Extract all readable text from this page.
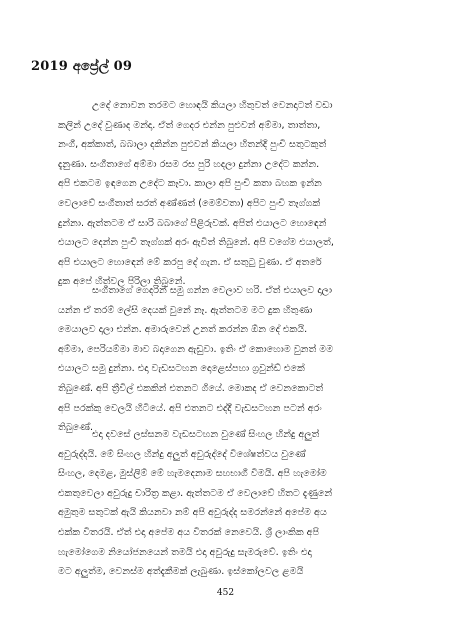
2019 අප්‍රේල් 09
උදේ නොවන තරමට හොඳයි කියලා හිතුවත් වෙනදාටත් වඩා
කලින් උදේ වුණාද මන්දා. ඒත් ගෙදර එන්න පුළුවන් අම්මා, තාත්තා,
නංගී, අක්කාත්, බබාලා දකින්න පුළුවන් කියලා හිතන්දි පුංචි සතුටකුත්
දැනුණා. සංගීතාගේ අම්මා රසම රස පුරි හදලා දුන්නා උදේට කන්න.
අපි එකටම ඉඳගෙන උදේට කෑවා. කාලා අපි පුංචි කතා බහක ඉන්න
වෙලාවේ සංගීතාත් සරත් අණ්ණත් (මෙම්වතා) අපිට පුංචි තෑග්ගක්
දුන්නා. ඇත්තටම ඒ සාරි බබාගේ පිළිරුවක්. අපිත් එයාලට හොඳෙන්
එයාලට දෙන්න පුංචි තෑග්ගක් අරං ඇවිත් තිබුනේ. අපි වගේම එයාලත්,
අපි එයාලට හොඳෙන් මේ කරපු දේ ගැන. ඒ සතුටු වුණා. ඒ අතරේ
දුක අපේ හිත්වල පිරිලා තිබුනේ.
සංගීතාගේ ගෙදරින් සමු ගන්න වෙලාව හරි. ඒත් එයාලව දාලා
යන්න ඒ තරම් ලේසි දෙයක් වුනේ නෑ. ඇත්තටම මට දුක හිතුණා
මෙයාලව දාලා එන්න. අමාරුවෙන් උනත් කරන්න ඕන දේ එකයි.
අම්මා, පෙරියම්මා මාව බදාගෙන ඇඩුවා. ඉතිං ඒ කොහොම වුනත් මම
එයාලට සමු දුන්නා. එදා වැඩසටහන දොළෙස්පහා ග්‍රවුන්ඩ් එකේ
තිබුණේ. අපි ත්‍රීවිල් එකකින් එතනට ගියේ. මොකද ඒ වෙනකොටත්
අපි පරක්කු වෙලයි හිටියේ. අපි එතනට එද්දී වැඩසටහන පටන් අරං
තිබුණේ.
එදා දවසේ ලස්සනම වැඩසටහන වුණේ සිංහල හින්දු අලුත්
අවුරුද්දයි. මේ සිංහල හින්දු අලුත් අවුරුද්දේ විශේෂත්වය වුණේ
සිංහල, දෙමළ, මුස්ලිම් මේ හැමදෙනාම සහභාගී වීමයි. අපි හැමෝම
එකතුවෙලා අවුරුදු චාරිත්‍ර කළා. ඇත්තටම ඒ වෙලාවේ හිතට දැණුනේ
අමුතුම සතුටක් ඇයි කියනවා නම් අපි අවුරුද්ද සමරන්නේ අපේම අය
එක්ක විතරයි. ඒත් එදා අපේම අය විතරක් නෙවෙයි. ශ්‍රී ලාංකික අපි
හැමෝගෙම නියෝජනයෙන් තමයි එදා අවුරුදු සැමරුවේ. ඉතිං එදා
මට අලුත්ම, වෙනස්ම අත්දැකීමක් ලැබුණා. ඉස්කෝලවල ළමයි
452
